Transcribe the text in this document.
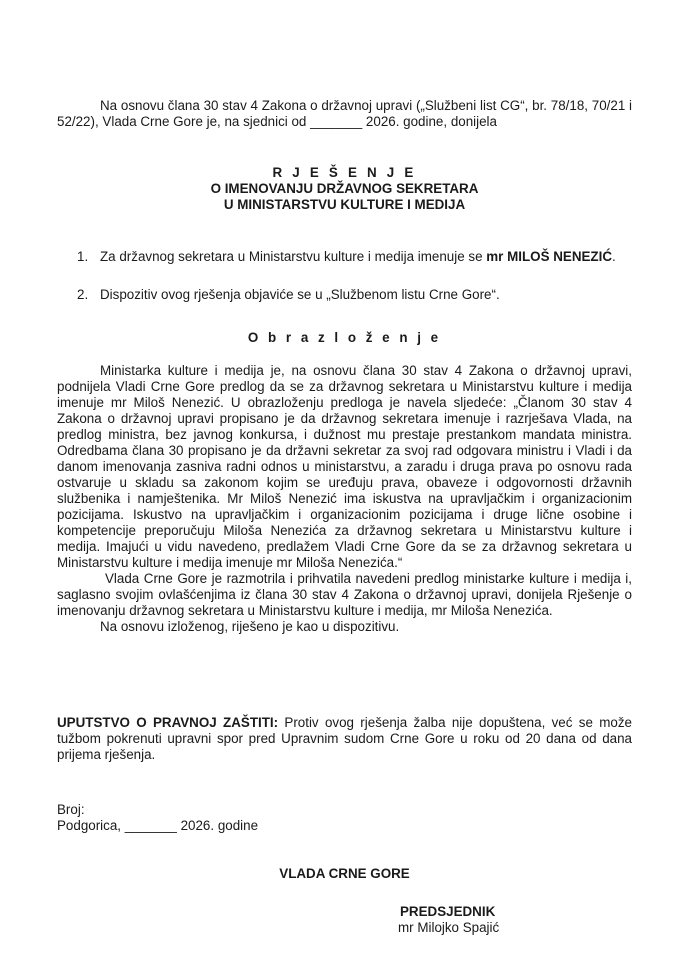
Na osnovu člana 30 stav 4 Zakona o državnoj upravi („Službeni list CG“, br. 78/18, 70/21 i 52/22), Vlada Crne Gore je, na sjednici od _______ 2026. godine, donijela
R J E Š E N J E
O IMENOVANJU DRŽAVNOG SEKRETARA
U MINISTARSTVU KULTURE I MEDIJA
1. Za državnog sekretara u Ministarstvu kulture i medija imenuje se mr MILOŠ NENEZIĆ.
2. Dispozitiv ovog rješenja objaviće se u „Službenom listu Crne Gore“.
O b r a z l o ž e n j e

Ministarka kulture i medija je, na osnovu člana 30 stav 4 Zakona o državnoj upravi, podnijela Vladi Crne Gore predlog da se za državnog sekretara u Ministarstvu kulture i medija imenuje mr Miloš Nenezić. U obrazloženju predloga je navela sljedeće: „Članom 30 stav 4 Zakona o državnoj upravi propisano je da državnog sekretara imenuje i razrješava Vlada, na predlog ministra, bez javnog konkursa, i dužnost mu prestaje prestankom mandata ministra. Odredbama člana 30 propisano je da državni sekretar za svoj rad odgovara ministru i Vladi i da danom imenovanja zasniva radni odnos u ministarstvu, a zaradu i druga prava po osnovu rada ostvaruje u skladu sa zakonom kojim se uređuju prava, obaveze i odgovornosti državnih službenika i namještenika. Mr Miloš Nenezić ima iskustva na upravljačkim i organizacionim pozicijama. Iskustvo na upravljačkim i organizacionim pozicijama i druge lične osobine i kompetencije preporučuju Miloša Nenezića za državnog sekretara u Ministarstvu kulture i medija. Imajući u vidu navedeno, predlažem Vladi Crne Gore da se za državnog sekretara u Ministarstvu kulture i medija imenuje mr Miloša Nenezića.“

Vlada Crne Gore je razmotrila i prihvatila navedeni predlog ministarke kulture i medija i, saglasno svojim ovlašćenjima iz člana 30 stav 4 Zakona o državnoj upravi, donijela Rješenje o imenovanju državnog sekretara u Ministarstvu kulture i medija, mr Miloša Nenezića.

Na osnovu izloženog, riješeno je kao u dispozitivu.

UPUTSTVO O PRAVNOJ ZAŠTITI: Protiv ovog rješenja žalba nije dopuštena, već se može tužbom pokrenuti upravni spor pred Upravnim sudom Crne Gore u roku od 20 dana od dana prijema rješenja.
Broj:
Podgorica, _______ 2026. godine
VLADA CRNE GORE
PREDSJEDNIK
mr Milojko Spajić
